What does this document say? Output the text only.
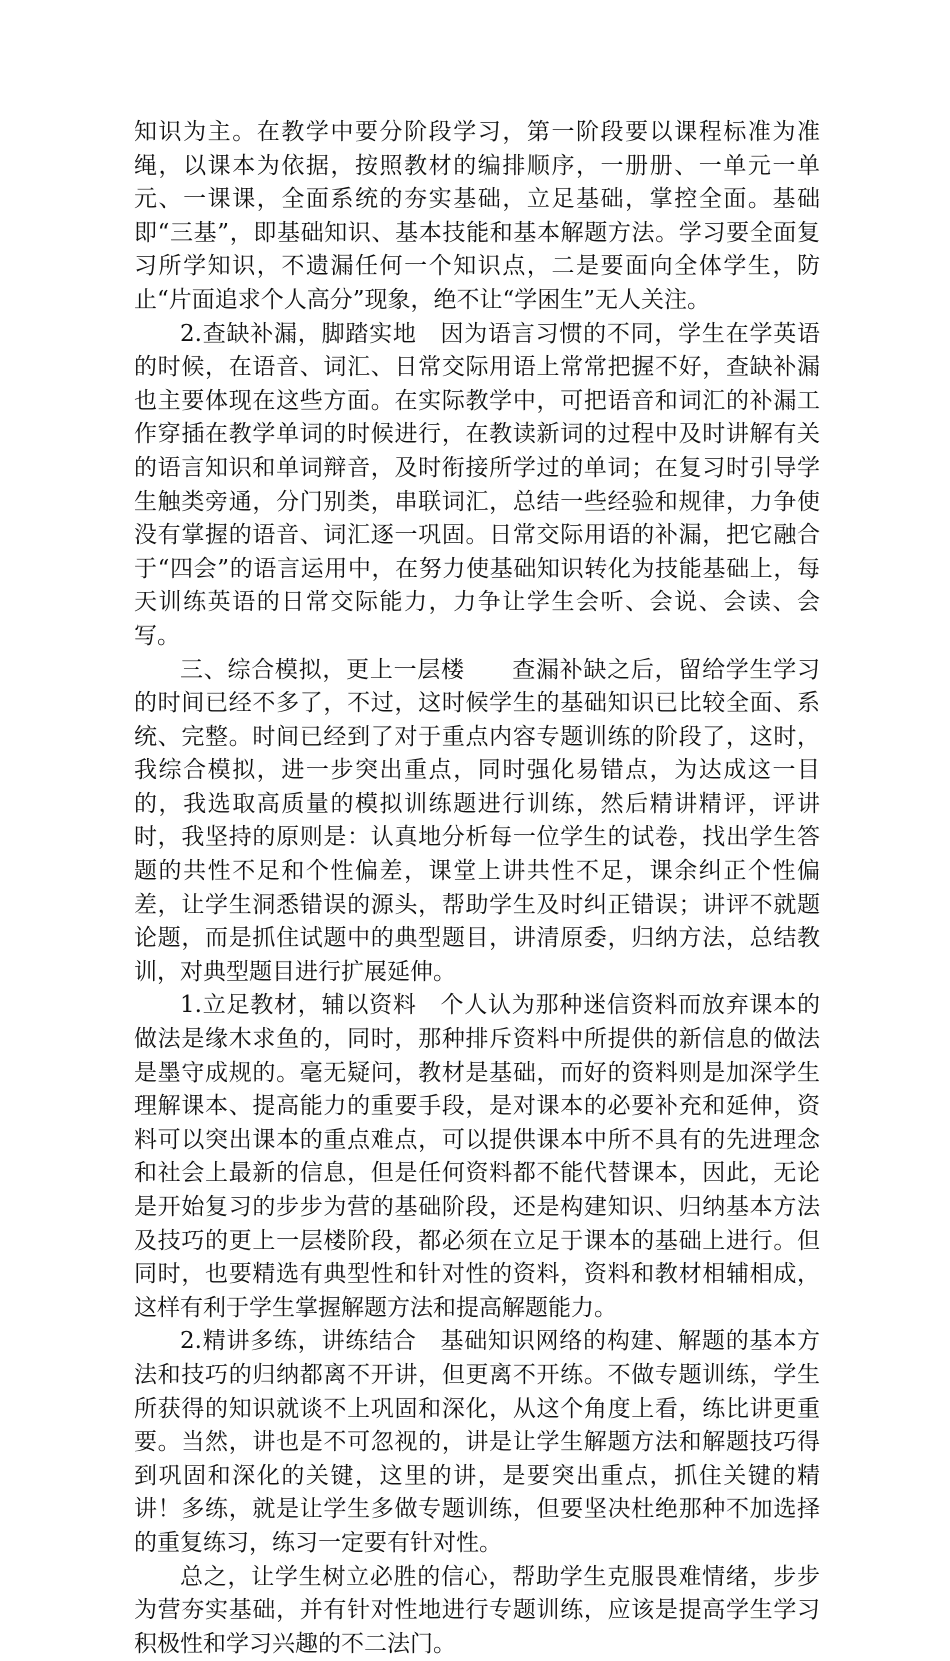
知识为主。在教学中要分阶段学习，第一阶段要以课程标准为准绳，以课本为依据，按照教材的编排顺序，一册册、一单元一单元、一课课，全面系统的夯实基础，立足基础，掌控全面。基础即“三基”，即基础知识、基本技能和基本解题方法。学习要全面复习所学知识，不遗漏任何一个知识点，二是要面向全体学生，防止“片面追求个人高分”现象，绝不让“学困生”无人关注。

2.查缺补漏，脚踏实地　因为语言习惯的不同，学生在学英语的时候，在语音、词汇、日常交际用语上常常把握不好，查缺补漏也主要体现在这些方面。在实际教学中，可把语音和词汇的补漏工作穿插在教学单词的时候进行，在教读新词的过程中及时讲解有关的语言知识和单词辩音，及时衔接所学过的单词；在复习时引导学生触类旁通，分门别类，串联词汇，总结一些经验和规律，力争使没有掌握的语音、词汇逐一巩固。日常交际用语的补漏，把它融合于“四会”的语言运用中，在努力使基础知识转化为技能基础上，每天训练英语的日常交际能力，力争让学生会听、会说、会读、会写。

三、综合模拟，更上一层楼　　查漏补缺之后，留给学生学习的时间已经不多了，不过，这时候学生的基础知识已比较全面、系统、完整。时间已经到了对于重点内容专题训练的阶段了，这时，我综合模拟，进一步突出重点，同时强化易错点，为达成这一目的，我选取高质量的模拟训练题进行训练，然后精讲精评，评讲时，我坚持的原则是：认真地分析每一位学生的试卷，找出学生答题的共性不足和个性偏差，课堂上讲共性不足，课余纠正个性偏差，让学生洞悉错误的源头，帮助学生及时纠正错误；讲评不就题论题，而是抓住试题中的典型题目，讲清原委，归纳方法，总结教训，对典型题目进行扩展延伸。

1.立足教材，辅以资料　个人认为那种迷信资料而放弃课本的做法是缘木求鱼的，同时，那种排斥资料中所提供的新信息的做法是墨守成规的。毫无疑问，教材是基础，而好的资料则是加深学生理解课本、提高能力的重要手段，是对课本的必要补充和延伸，资料可以突出课本的重点难点，可以提供课本中所不具有的先进理念和社会上最新的信息，但是任何资料都不能代替课本，因此，无论是开始复习的步步为营的基础阶段，还是构建知识、归纳基本方法及技巧的更上一层楼阶段，都必须在立足于课本的基础上进行。但同时，也要精选有典型性和针对性的资料，资料和教材相辅相成，这样有利于学生掌握解题方法和提高解题能力。

2.精讲多练，讲练结合　基础知识网络的构建、解题的基本方法和技巧的归纳都离不开讲，但更离不开练。不做专题训练，学生所获得的知识就谈不上巩固和深化，从这个角度上看，练比讲更重要。当然，讲也是不可忽视的，讲是让学生解题方法和解题技巧得到巩固和深化的关键，这里的讲，是要突出重点，抓住关键的精讲！多练，就是让学生多做专题训练，但要坚决杜绝那种不加选择的重复练习，练习一定要有针对性。

总之，让学生树立必胜的信心，帮助学生克服畏难情绪，步步为营夯实基础，并有针对性地进行专题训练，应该是提高学生学习积极性和学习兴趣的不二法门。
